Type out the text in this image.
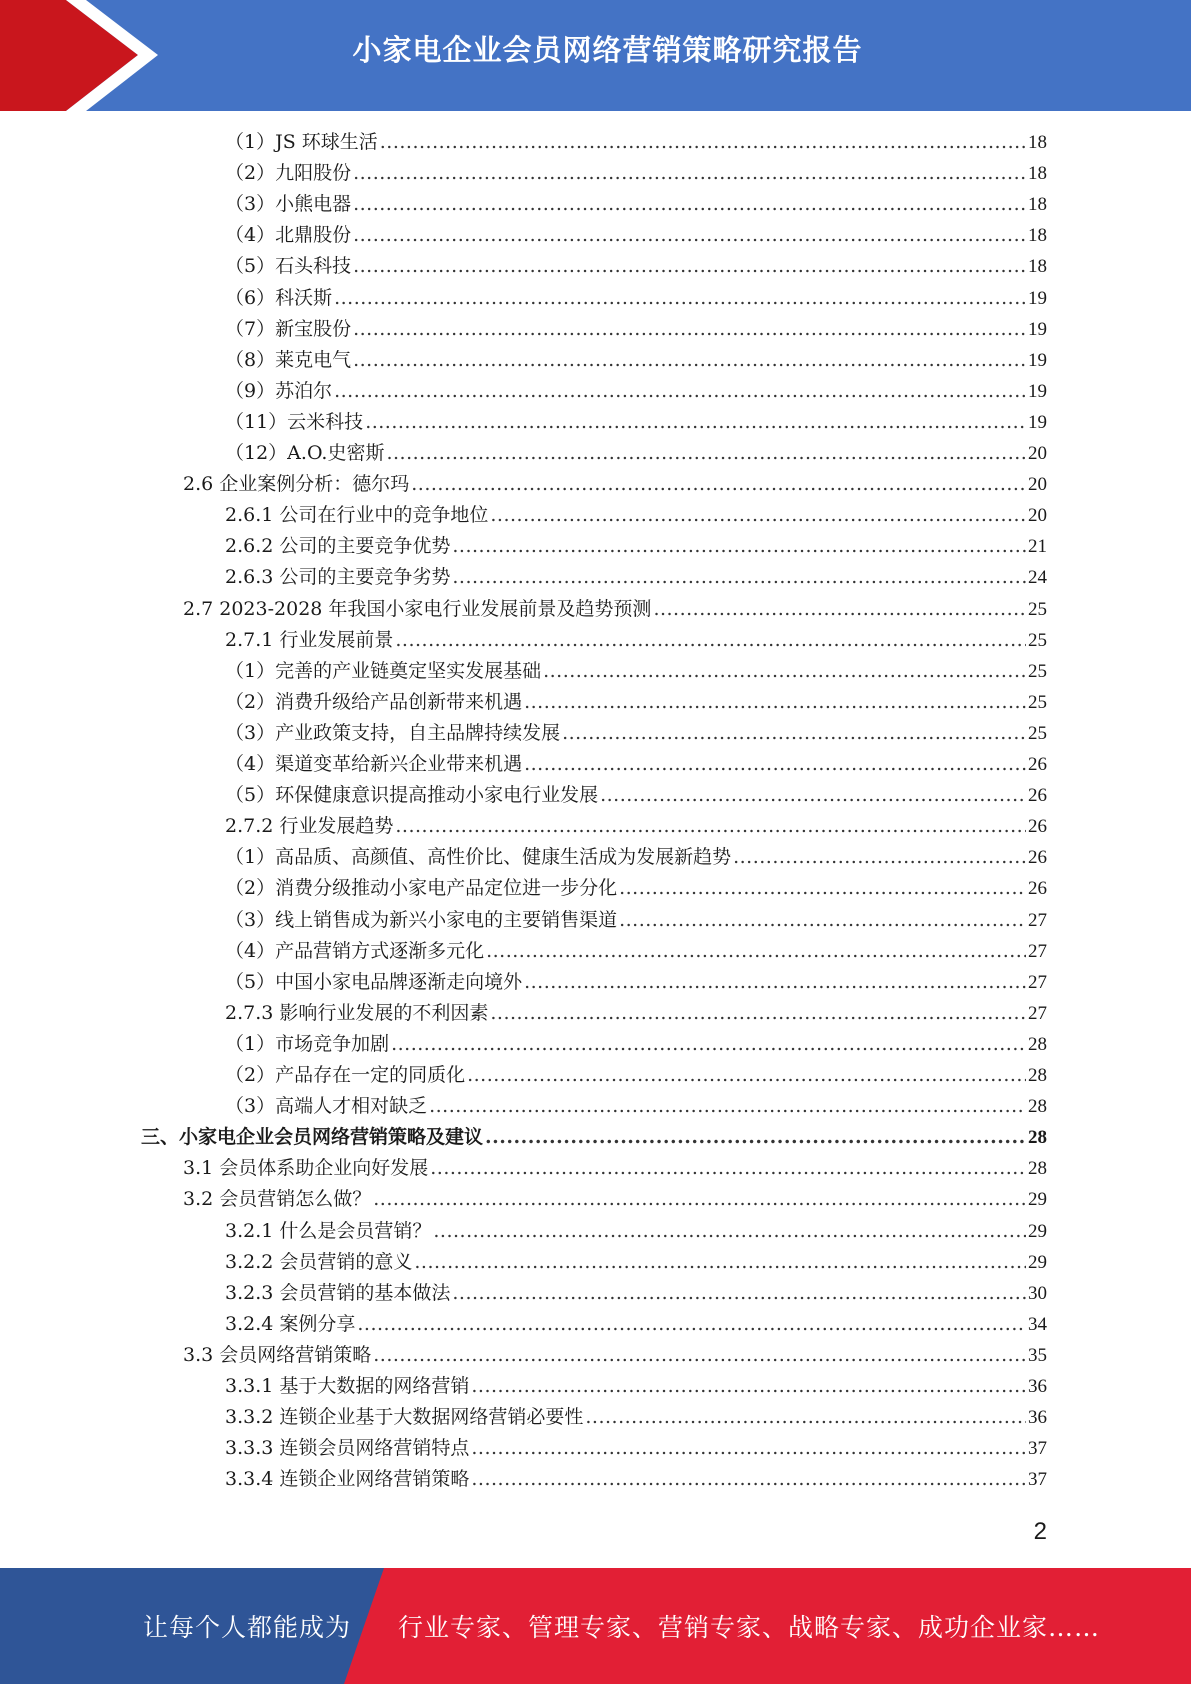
小家电企业会员网络营销策略研究报告
（1）JS 环球生活 .....	18
（2）九阳股份 .....	18
（3）小熊电器 .....	18
（4）北鼎股份 .....	18
（5）石头科技 .....	18
（6）科沃斯 .....	19
（7）新宝股份 .....	19
（8）莱克电气 .....	19
（9）苏泊尔 .....	19
（11）云米科技 .....	19
（12）A.O.史密斯 .....	20
2.6 企业案例分析：德尔玛 .....	20
2.6.1 公司在行业中的竞争地位 .....	20
2.6.2 公司的主要竞争优势 .....	21
2.6.3 公司的主要竞争劣势 .....	24
2.7 2023-2028 年我国小家电行业发展前景及趋势预测 .....	25
2.7.1 行业发展前景 .....	25
（1）完善的产业链奠定坚实发展基础 .....	25
（2）消费升级给产品创新带来机遇 .....	25
（3）产业政策支持，自主品牌持续发展 .....	25
（4）渠道变革给新兴企业带来机遇 .....	26
（5）环保健康意识提高推动小家电行业发展 .....	26
2.7.2 行业发展趋势 .....	26
（1）高品质、高颜值、高性价比、健康生活成为发展新趋势 .....	26
（2）消费分级推动小家电产品定位进一步分化 .....	26
（3）线上销售成为新兴小家电的主要销售渠道 .....	27
（4）产品营销方式逐渐多元化 .....	27
（5）中国小家电品牌逐渐走向境外 .....	27
2.7.3 影响行业发展的不利因素 .....	27
（1）市场竞争加剧 .....	28
（2）产品存在一定的同质化 .....	28
（3）高端人才相对缺乏 .....	28
三、小家电企业会员网络营销策略及建议 .....	28
3.1 会员体系助企业向好发展 .....	28
3.2 会员营销怎么做？ .....	29
3.2.1 什么是会员营销？ .....	29
3.2.2 会员营销的意义 .....	29
3.2.3 会员营销的基本做法 .....	30
3.2.4 案例分享 .....	34
3.3 会员网络营销策略 .....	35
3.3.1 基于大数据的网络营销 .....	36
3.3.2 连锁企业基于大数据网络营销必要性 .....	36
3.3.3 连锁会员网络营销特点 .....	37
3.3.4 连锁企业网络营销策略 .....	37
2
让每个人都能成为 行业专家、管理专家、营销专家、战略专家、成功企业家……
